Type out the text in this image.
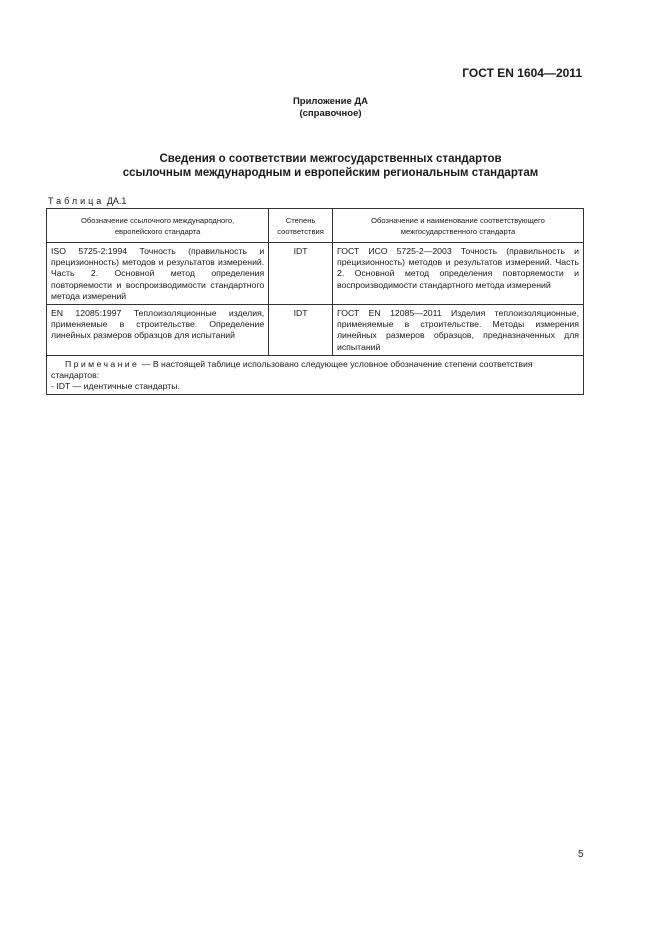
ГОСТ EN 1604—2011
Приложение ДА
(справочное)
Сведения о соответствии межгосударственных стандартов
ссылочным международным и европейским региональным стандартам
Таблица ДА.1
Обозначение ссылочного международного,
европейского стандарта	Степень
соответствия	Обозначение и наименование соответствующего
межгосударственного стандарта
ISO 5725-2:1994 Точность (правильность и прецизионность) методов и результатов измерений. Часть 2. Основной метод определения повторяемости и воспроизводимости стандартного метода измерений	IDT	ГОСТ ИСО 5725-2—2003 Точность (правильность и прецизионность) методов и результатов измерений. Часть 2. Основной метод определения повторяемости и воспроизводимости стандартного метода измерений
EN 12085:1997 Теплоизоляционные изделия, применяемые в строительстве. Определение линейных размеров образцов для испытаний	IDT	ГОСТ EN 12085—2011 Изделия теплоизоляционные, применяемые в строительстве. Методы измерения линейных размеров образцов, предназначенных для испытаний

Примечание — В настоящей таблице использовано следующее условное обозначение степени соответствия стандартов:
- IDT — идентичные стандарты.		
5
